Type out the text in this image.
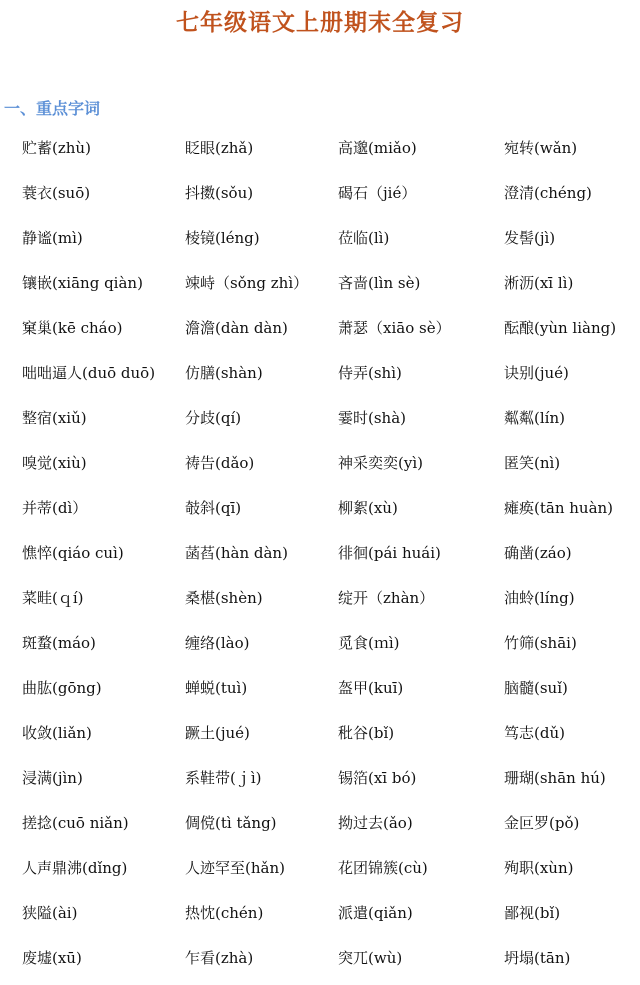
七年级语文上册期末全复习
一、重点字词
贮蓄(zhù)	眨眼(zhǎ)	高邈(miǎo)	宛转(wǎn)
蓑衣(suō)	抖擞(sǒu)	碣石（jié）	澄清(chéng)
静谧(mì)	棱镜(léng)	莅临(lì)	发髻(jì)
镶嵌(xiāng qiàn)	竦峙（sǒng zhì） 吝啬(lìn sè)	淅沥(xī lì)
窠巢(kē cháo)	澹澹(dàn dàn)	萧瑟（xiāo sè）	酝酿(yùn liàng)
咄咄逼人(duō duō) 仿膳(shàn)	侍弄(shì)	诀别(jué)
整宿(xiǔ)	分歧(qí)	霎时(shà)	粼粼(lín)
嗅觉(xiù)	祷告(dǎo)	神采奕奕(yì)	匿笑(nì)
并蒂(dì）	攲斜(qī)	柳絮(xù)	瘫痪(tān huàn)
憔悴(qiáo cuì)	菡萏(hàn dàn)	徘徊(pái huái)	确凿(záo)
菜畦(ｑí)	桑椹(shèn)	绽开（zhàn）	油蛉(líng)
斑蝥(máo)	缠络(lào)	觅食(ｍì)	竹筛(shāi)
曲肱(gōng)	蝉蜕(tuì)	盔甲(kuī)	脑髓(suǐ)
收敛(liǎn)	蹶土(jué)	秕谷(bǐ)	笃志(dǔ)
浸满(jìn)	系鞋带(ｊì)	锡箔(xī bó)	珊瑚(shān hú)
搓捻(cuō niǎn)	倜傥(tì tǎng)	拗过去(ǎo)	金叵罗(pǒ)
人声鼎沸(dǐng)	人迹罕至(hǎn)	花团锦簇(cù)	殉职(xùn)
狭隘(ài)	热忱(chén)	派遣(qiǎn)	鄙视(bǐ)
废墟(xū)	乍看(zhà)	突兀(wù)	坍塌(tān)
